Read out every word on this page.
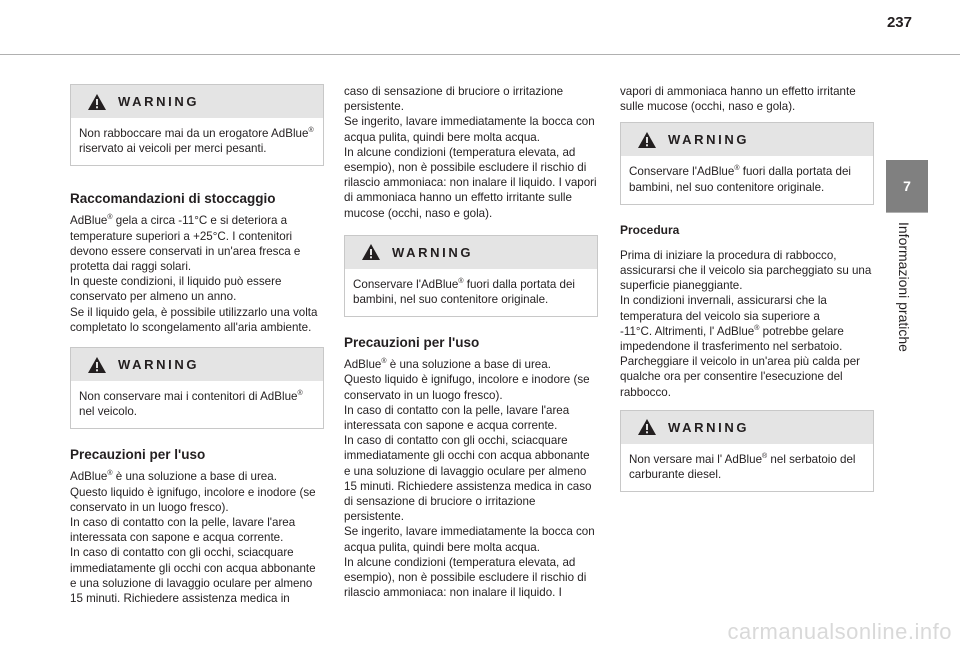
237
WARNING
Non rabboccare mai da un erogatore AdBlue®
riservato ai veicoli per merci pesanti.
Raccomandazioni di stoccaggio

AdBlue® gela a circa -11°C e si deteriora a temperature superiori a +25°C. I contenitori devono essere conservati in un'area fresca e protetta dai raggi solari.
In queste condizioni, il liquido può essere conservato per almeno un anno.
Se il liquido gela, è possibile utilizzarlo una volta completato lo scongelamento all'aria ambiente.

WARNING
Non conservare mai i contenitori di AdBlue®
nel veicolo.
Precauzioni per l'uso

AdBlue® è una soluzione a base di urea.
Questo liquido è ignifugo, incolore e inodore (se conservato in un luogo fresco).
In caso di contatto con la pelle, lavare l'area interessata con sapone e acqua corrente.
In caso di contatto con gli occhi, sciacquare immediatamente gli occhi con acqua abbonante e una soluzione di lavaggio oculare per almeno 15 minuti. Richiedere assistenza medica in

caso di sensazione di bruciore o irritazione persistente.
Se ingerito, lavare immediatamente la bocca con acqua pulita, quindi bere molta acqua.
In alcune condizioni (temperatura elevata, ad esempio), non è possibile escludere il rischio di rilascio ammoniaca: non inalare il liquido. I vapori di ammoniaca hanno un effetto irritante sulle mucose (occhi, naso e gola).

WARNING
Conservare l'AdBlue® fuori dalla portata dei bambini, nel suo contenitore originale.
Precauzioni per l'uso

AdBlue® è una soluzione a base di urea.
Questo liquido è ignifugo, incolore e inodore (se conservato in un luogo fresco).
In caso di contatto con la pelle, lavare l'area interessata con sapone e acqua corrente.
In caso di contatto con gli occhi, sciacquare immediatamente gli occhi con acqua abbonante e una soluzione di lavaggio oculare per almeno 15 minuti. Richiedere assistenza medica in caso di sensazione di bruciore o irritazione persistente.
Se ingerito, lavare immediatamente la bocca con acqua pulita, quindi bere molta acqua.
In alcune condizioni (temperatura elevata, ad esempio), non è possibile escludere il rischio di rilascio ammoniaca: non inalare il liquido. I

vapori di ammoniaca hanno un effetto irritante sulle mucose (occhi, naso e gola).

WARNING
Conservare l'AdBlue® fuori dalla portata dei bambini, nel suo contenitore originale.
Procedura

Prima di iniziare la procedura di rabbocco, assicurarsi che il veicolo sia parcheggiato su una superficie pianeggiante.
In condizioni invernali, assicurarsi che la temperatura del veicolo sia superiore a
-11°C. Altrimenti, l' AdBlue® potrebbe gelare impedendone il trasferimento nel serbatoio.
Parcheggiare il veicolo in un'area più calda per qualche ora per consentire l'esecuzione del rabbocco.

WARNING
Non versare mai l' AdBlue® nel serbatoio del carburante diesel.
7
Informazioni pratiche
carmanualsonline.info
